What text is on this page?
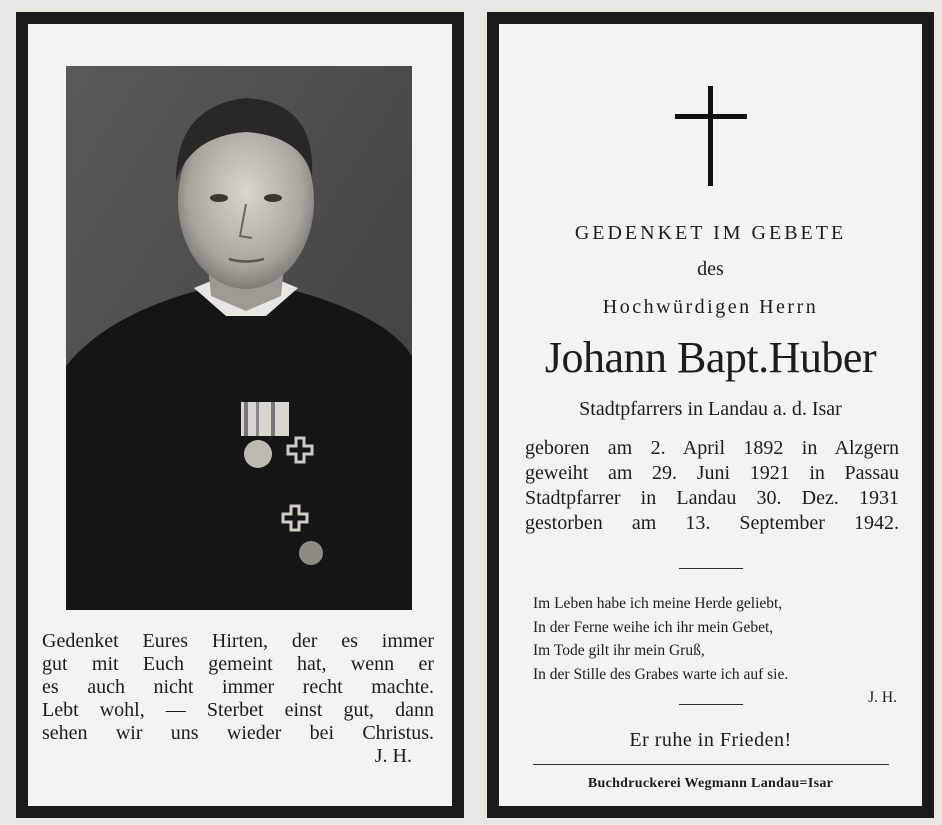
Gedenket Eures Hirten, der es immer
gut mit Euch gemeint hat, wenn er
es auch nicht immer recht machte.
Lebt wohl, — Sterbet einst gut, dann
sehen wir uns wieder bei Christus.
J. H.
GEDENKET IM GEBETE
des
Hochwürdigen Herrn
Johann Bapt.Huber
Stadtpfarrers in Landau a. d. Isar
geboren am 2. April 1892 in Alzgern
geweiht am 29. Juni 1921 in Passau
Stadtpfarrer in Landau 30. Dez. 1931
gestorben am 13. September 1942.
Im Leben habe ich meine Herde geliebt,
In der Ferne weihe ich ihr mein Gebet,
Im Tode gilt ihr mein Gruß,
In der Stille des Grabes warte ich auf sie.
J. H.
Er ruhe in Frieden!
Buchdruckerei Wegmann Landau=Isar
